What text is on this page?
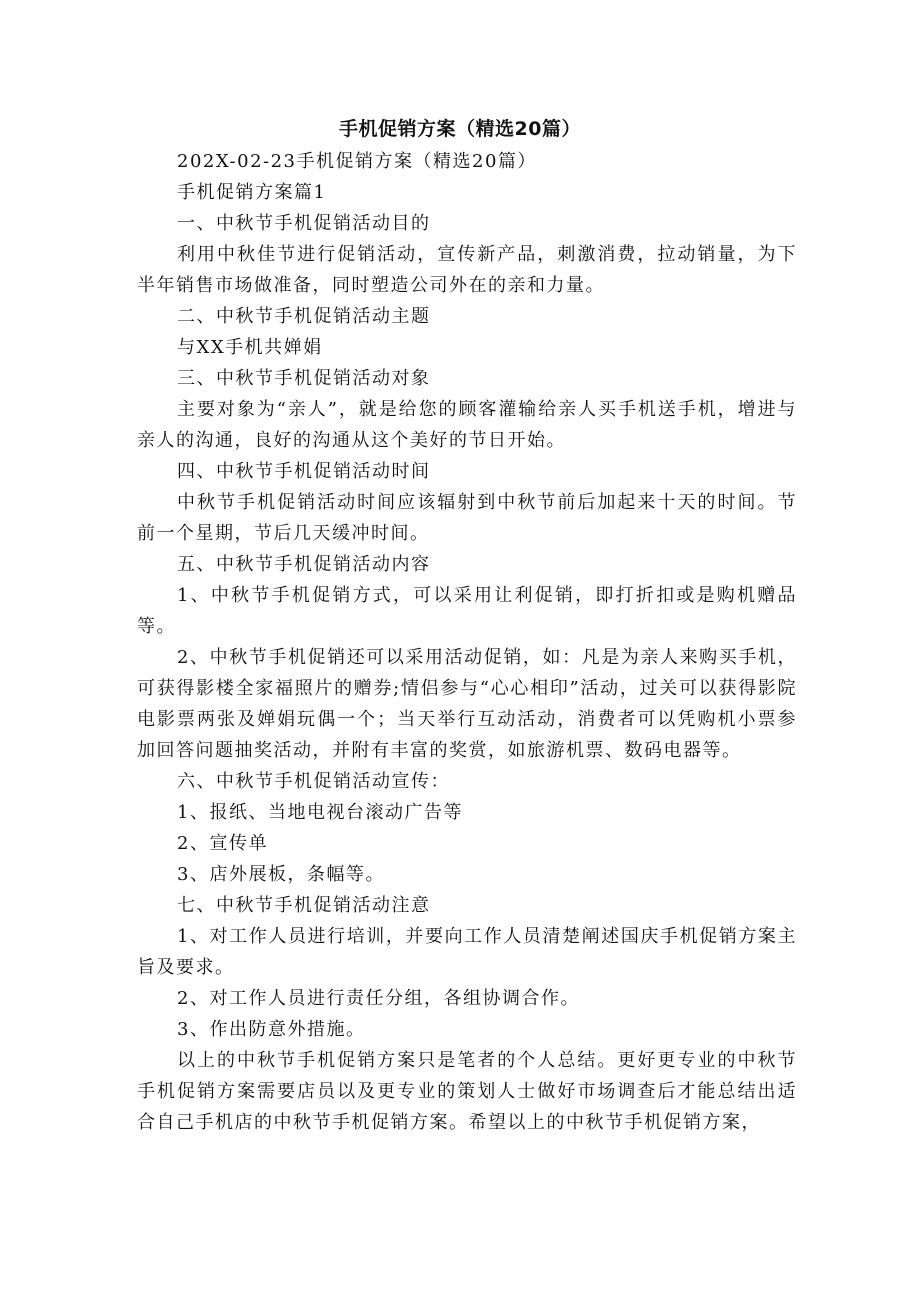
手机促销方案（精选20篇）

202X-02-23手机促销方案（精选20篇）

手机促销方案篇1

一、中秋节手机促销活动目的

利用中秋佳节进行促销活动，宣传新产品，刺激消费，拉动销量，为下半年销售市场做准备，同时塑造公司外在的亲和力量。

二、中秋节手机促销活动主题

与XX手机共婵娟

三、中秋节手机促销活动对象

主要对象为“亲人”，就是给您的顾客灌输给亲人买手机送手机，增进与亲人的沟通，良好的沟通从这个美好的节日开始。

四、中秋节手机促销活动时间

中秋节手机促销活动时间应该辐射到中秋节前后加起来十天的时间。节前一个星期，节后几天缓冲时间。

五、中秋节手机促销活动内容

1、中秋节手机促销方式，可以采用让利促销，即打折扣或是购机赠品等。

2、中秋节手机促销还可以采用活动促销，如：凡是为亲人来购买手机，可获得影楼全家福照片的赠券;情侣参与“心心相印”活动，过关可以获得影院电影票两张及婵娟玩偶一个；当天举行互动活动，消费者可以凭购机小票参加回答问题抽奖活动，并附有丰富的奖赏，如旅游机票、数码电器等。

六、中秋节手机促销活动宣传：

1、报纸、当地电视台滚动广告等

2、宣传单

3、店外展板，条幅等。

七、中秋节手机促销活动注意

1、对工作人员进行培训，并要向工作人员清楚阐述国庆手机促销方案主旨及要求。

2、对工作人员进行责任分组，各组协调合作。

3、作出防意外措施。

以上的中秋节手机促销方案只是笔者的个人总结。更好更专业的中秋节手机促销方案需要店员以及更专业的策划人士做好市场调查后才能总结出适合自己手机店的中秋节手机促销方案。希望以上的中秋节手机促销方案，
